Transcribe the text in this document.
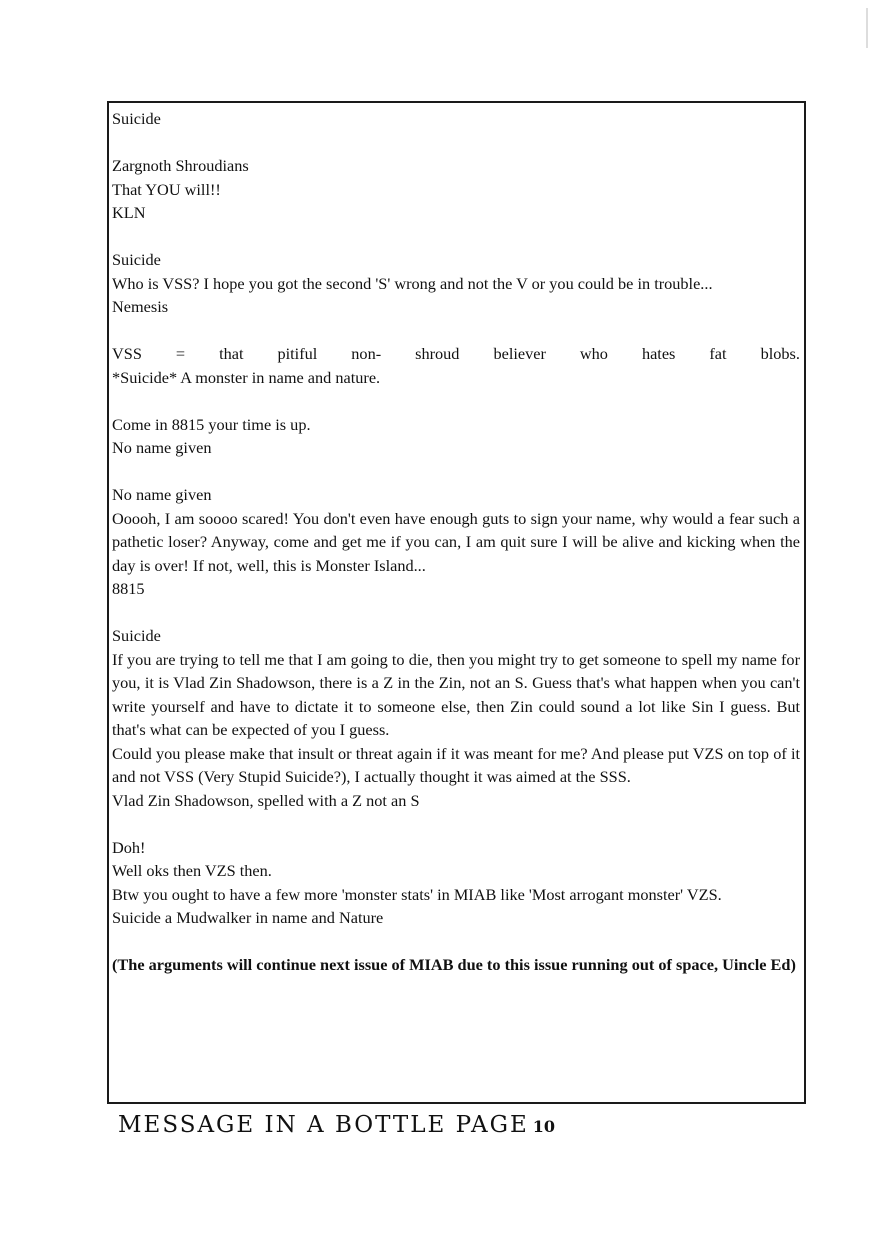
Suicide
Zargnoth Shroudians
That YOU will!!
KLN
Suicide
Who is VSS? I hope you got the second 'S' wrong and not the V or you could be in trouble...
Nemesis
VSS = that pitiful non- shroud believer who hates fat blobs.
*Suicide* A monster in name and nature.
Come in 8815 your time is up.
No name given
No name given
Ooooh, I am soooo scared! You don't even have enough guts to sign your name, why would a fear such a pathetic loser? Anyway, come and get me if you can, I am quit sure I will be alive and kicking when the day is over! If not, well, this is Monster Island...
8815
Suicide
If you are trying to tell me that I am going to die, then you might try to get someone to spell my name for you, it is Vlad Zin Shadowson, there is a Z in the Zin, not an S. Guess that's what happen when you can't write yourself and have to dictate it to someone else, then Zin could sound a lot like Sin I guess. But that's what can be expected of you I guess.
Could you please make that insult or threat again if it was meant for me? And please put VZS on top of it and not VSS (Very Stupid Suicide?), I actually thought it was aimed at the SSS.
Vlad Zin Shadowson, spelled with a Z not an S
Doh!
Well oks then VZS then.
Btw you ought to have a few more 'monster stats' in MIAB like 'Most arrogant monster' VZS.
Suicide a Mudwalker in name and Nature
(The arguments will continue next issue of MIAB due to this issue running out of space, Uincle Ed)
MESSAGE IN A BOTTLE PAGE 10
